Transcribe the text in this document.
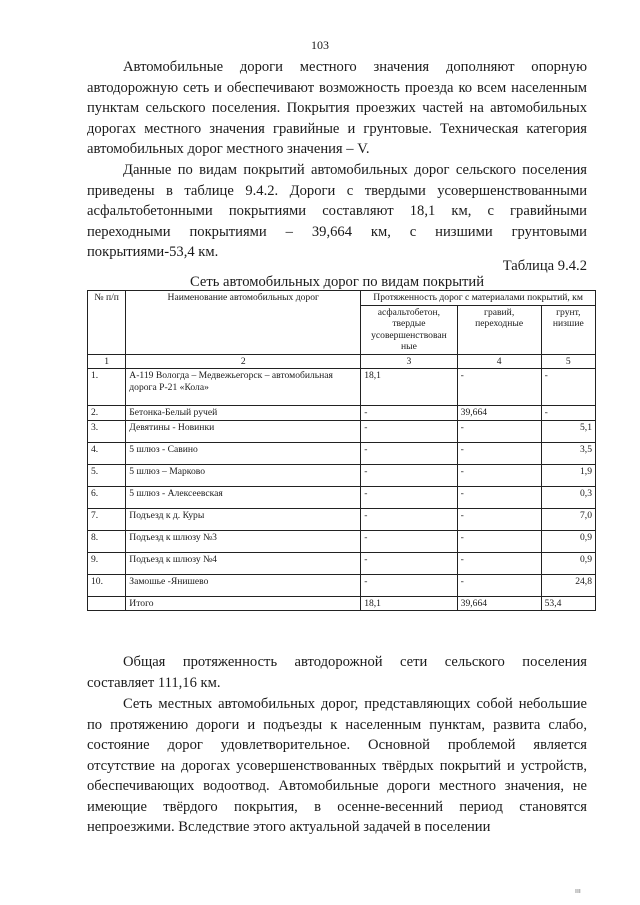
103

Автомобильные дороги местного значения дополняют опорную автодорожную сеть и обеспечивают возможность проезда ко всем населенным пунктам сельского поселения. Покрытия проезжих частей на автомобильных дорогах местного значения гравийные и грунтовые. Техническая категория автомобильных дорог местного значения – V.

Данные по видам покрытий автомобильных дорог сельского поселения приведены в таблице 9.4.2. Дороги с твердыми усовершенствованными асфальтобетонными покрытиями составляют 18,1 км, с гравийными переходными покрытиями – 39,664 км, с низшими грунтовыми покрытиями-53,4 км.

Таблица 9.4.2
Сеть автомобильных дорог по видам покрытий
№ п/п	Наименование автомобильных дорог	Протяженность дорог с материалами покрытий, км		
		асфальтобетон, твердые усовершенствован ные	гравий, переходные	грунт, низшие
1	2	3	4	5
1.	А-119 Вологда – Медвежьегорск – автомобильная дорога Р-21 «Кола»	18,1	-	-
2.	Бетонка-Белый ручей	-	39,664	-
3.	Девятины - Новинки	-	-	5,1
4.	5 шлюз - Савино	-	-	3,5
5.	5 шлюз – Марково	-	-	1,9
6.	5 шлюз - Алексеевская	-	-	0,3
7.	Подъезд к д. Куры	-	-	7,0
8.	Подъезд к шлюзу №3	-	-	0,9
9.	Подъезд к шлюзу №4	-	-	0,9
10.	Замошье -Янишево	-	-	24,8
	Итого	18,1	39,664	53,4

Общая протяженность автодорожной сети сельского поселения составляет 111,16 км.

Сеть местных автомобильных дорог, представляющих собой небольшие по протяжению дороги и подъезды к населенным пунктам, развита слабо, состояние дорог удовлетворительное. Основной проблемой является отсутствие на дорогах усовершенствованных твёрдых покрытий и устройств, обеспечивающих водоотвод. Автомобильные дороги местного значения, не имеющие твёрдого покрытия, в осенне-весенний период становятся непроезжими. Вследствие этого актуальной задачей в поселении

ııı
